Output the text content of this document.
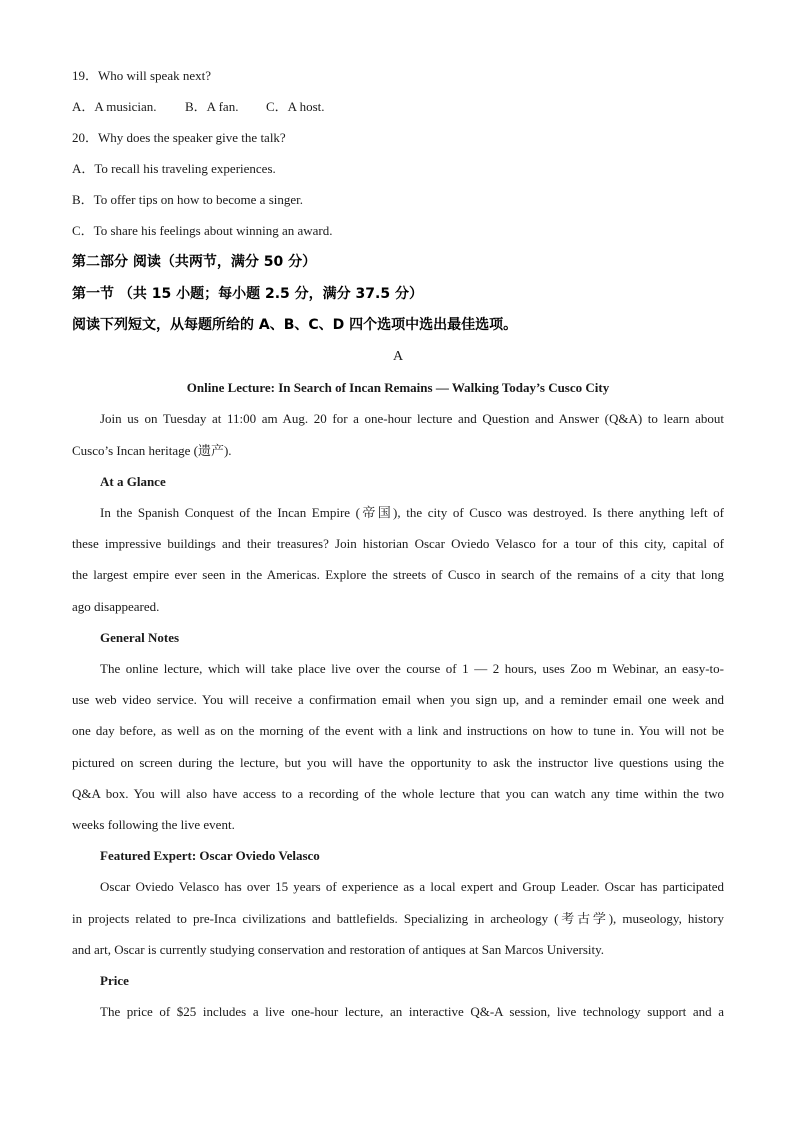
19．Who will speak next?
A．A musician. B．A fan. C．A host.
20．Why does the speaker give the talk?
A．To recall his traveling experiences.
B．To offer tips on how to become a singer.
C．To share his feelings about winning an award.
第二部分 阅读（共两节，满分 50 分）
第一节 （共 15 小题；每小题 2.5 分，满分 37.5 分）
阅读下列短文，从每题所给的 A、B、C、D 四个选项中选出最佳选项。
A
Online Lecture: In Search of Incan Remains — Walking Today’s Cusco City
Join us on Tuesday at 11:00 am Aug. 20 for a one-hour lecture and Question and Answer (Q&A) to learn about
Cusco’s Incan heritage (遗产).
At a Glance
In the Spanish Conquest of the Incan Empire (帝国), the city of Cusco was destroyed. Is there anything left of
these impressive buildings and their treasures? Join historian Oscar Oviedo Velasco for a tour of this city, capital of
the largest empire ever seen in the Americas. Explore the streets of Cusco in search of the remains of a city that long
ago disappeared.
General Notes
The online lecture, which will take place live over the course of 1 — 2 hours, uses Zoo m Webinar, an easy-to-
use web video service. You will receive a confirmation email when you sign up, and a reminder email one week and
one day before, as well as on the morning of the event with a link and instructions on how to tune in. You will not be
pictured on screen during the lecture, but you will have the opportunity to ask the instructor live questions using the
Q&A box. You will also have access to a recording of the whole lecture that you can watch any time within the two
weeks following the live event.
Featured Expert: Oscar Oviedo Velasco
Oscar Oviedo Velasco has over 15 years of experience as a local expert and Group Leader. Oscar has participated
in projects related to pre-Inca civilizations and battlefields. Specializing in archeology (考古学), museology, history
and art, Oscar is currently studying conservation and restoration of antiques at San Marcos University.
Price
The price of $25 includes a live one-hour lecture, an interactive Q&-A session, live technology support and a
